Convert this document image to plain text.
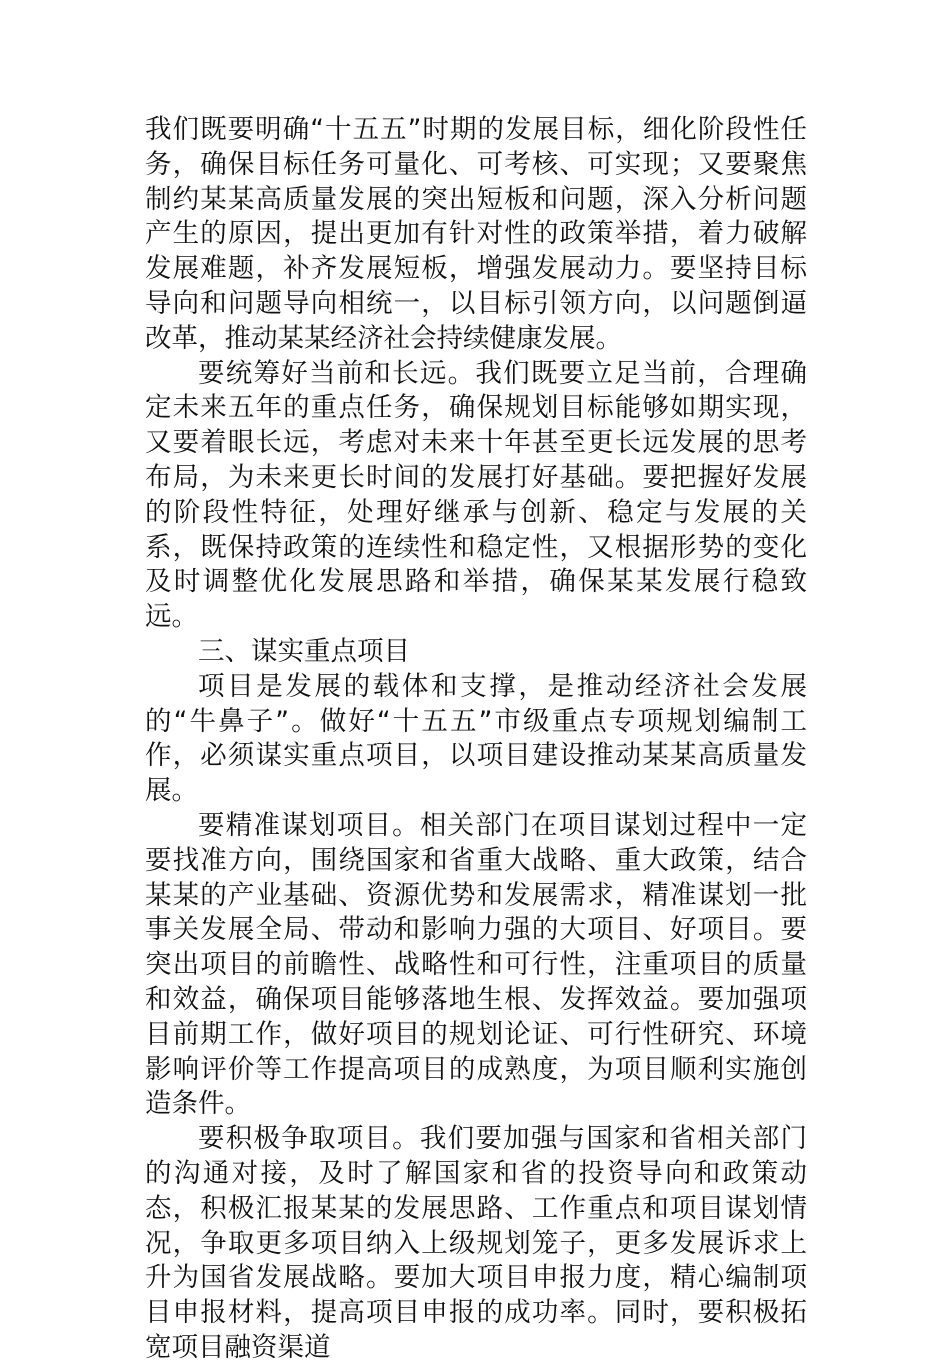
我们既要明确“十五五”时期的发展目标，细化阶段性任务，确保目标任务可量化、可考核、可实现；又要聚焦制约某某高质量发展的突出短板和问题，深入分析问题产生的原因，提出更加有针对性的政策举措，着力破解发展难题，补齐发展短板，增强发展动力。要坚持目标导向和问题导向相统一，以目标引领方向，以问题倒逼改革，推动某某经济社会持续健康发展。

要统筹好当前和长远。我们既要立足当前，合理确定未来五年的重点任务，确保规划目标能够如期实现，又要着眼长远，考虑对未来十年甚至更长远发展的思考布局，为未来更长时间的发展打好基础。要把握好发展的阶段性特征，处理好继承与创新、稳定与发展的关系，既保持政策的连续性和稳定性，又根据形势的变化及时调整优化发展思路和举措，确保某某发展行稳致远。

三、谋实重点项目

项目是发展的载体和支撑，是推动经济社会发展的“牛鼻子”。做好“十五五”市级重点专项规划编制工作，必须谋实重点项目，以项目建设推动某某高质量发展。

要精准谋划项目。相关部门在项目谋划过程中一定要找准方向，围绕国家和省重大战略、重大政策，结合某某的产业基础、资源优势和发展需求，精准谋划一批事关发展全局、带动和影响力强的大项目、好项目。要突出项目的前瞻性、战略性和可行性，注重项目的质量和效益，确保项目能够落地生根、发挥效益。要加强项目前期工作，做好项目的规划论证、可行性研究、环境影响评价等工作提高项目的成熟度，为项目顺利实施创造条件。

要积极争取项目。我们要加强与国家和省相关部门的沟通对接，及时了解国家和省的投资导向和政策动态，积极汇报某某的发展思路、工作重点和项目谋划情况，争取更多项目纳入上级规划笼子，更多发展诉求上升为国省发展战略。要加大项目申报力度，精心编制项目申报材料，提高项目申报的成功率。同时，要积极拓宽项目融资渠道
